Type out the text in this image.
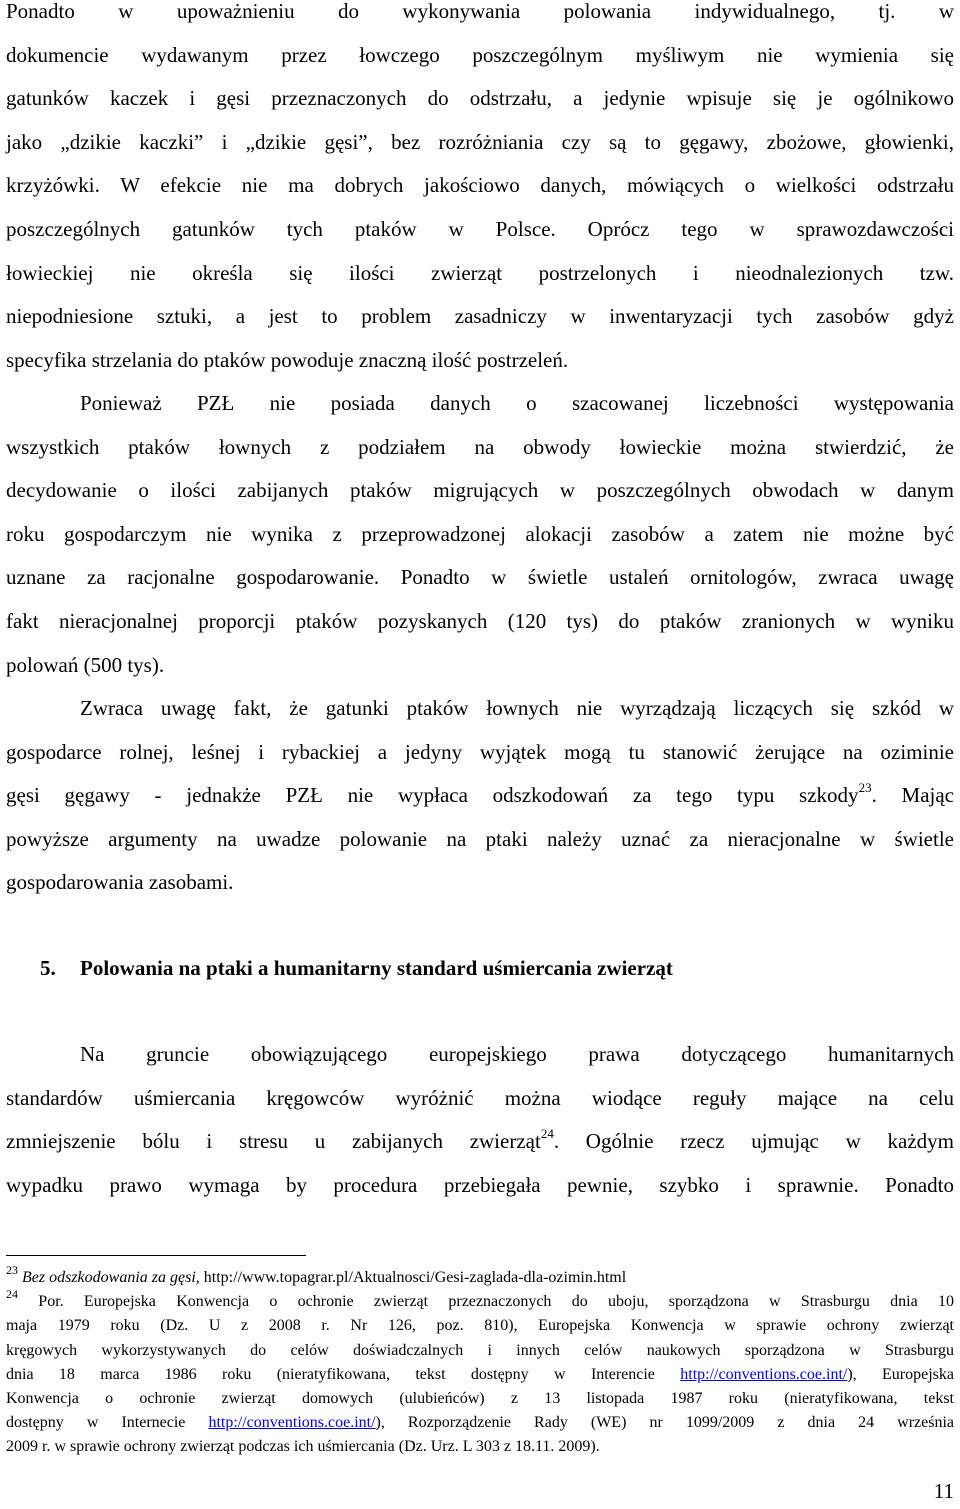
Ponadto w upoważnieniu do wykonywania polowania indywidualnego, tj. w
dokumencie wydawanym przez łowczego poszczególnym myśliwym nie wymienia się
gatunków kaczek i gęsi przeznaczonych do odstrzału, a jedynie wpisuje się je ogólnikowo
jako „dzikie kaczki” i „dzikie gęsi”, bez rozróżniania czy są to gęgawy, zbożowe, głowienki,
krzyżówki. W efekcie nie ma dobrych jakościowo danych, mówiących o wielkości odstrzału
poszczególnych gatunków tych ptaków w Polsce. Oprócz tego w sprawozdawczości
łowieckiej nie określa się ilości zwierząt postrzelonych i nieodnalezionych tzw.
niepodniesione sztuki, a jest to problem zasadniczy w inwentaryzacji tych zasobów gdyż
specyfika strzelania do ptaków powoduje znaczną ilość postrzeleń.

Ponieważ PZŁ nie posiada danych o szacowanej liczebności występowania
wszystkich ptaków łownych z podziałem na obwody łowieckie można stwierdzić, że
decydowanie o ilości zabijanych ptaków migrujących w poszczególnych obwodach w danym
roku gospodarczym nie wynika z przeprowadzonej alokacji zasobów a zatem nie możne być
uznane za racjonalne gospodarowanie. Ponadto w świetle ustaleń ornitologów, zwraca uwagę
fakt nieracjonalnej proporcji ptaków pozyskanych (120 tys) do ptaków zranionych w wyniku
polowań (500 tys).

Zwraca uwagę fakt, że gatunki ptaków łownych nie wyrządzają liczących się szkód w
gospodarce rolnej, leśnej i rybackiej a jedyny wyjątek mogą tu stanowić żerujące na oziminie
gęsi gęgawy - jednakże PZŁ nie wypłaca odszkodowań za tego typu szkody$^{23}$. Mając
powyższe argumenty na uwadze polowanie na ptaki należy uznać za nieracjonalne w świetle
gospodarowania zasobami.

5. Polowania na ptaki a humanitarny standard uśmiercania zwierząt

Na gruncie obowiązującego europejskiego prawa dotyczącego humanitarnych
standardów uśmiercania kręgowców wyróżnić można wiodące reguły mające na celu
zmniejszenie bólu i stresu u zabijanych zwierząt$^{24}$. Ogólnie rzecz ujmując w każdym
wypadku prawo wymaga by procedura przebiegała pewnie, szybko i sprawnie. Ponadto

$^{23}$ Bez odszkodowania za gęsi, http://www.topagrar.pl/Aktualnosci/Gesi-zaglada-dla-ozimin.html

$^{24}$ Por. Europejska Konwencja o ochronie zwierząt przeznaczonych do uboju, sporządzona w Strasburgu dnia 10
maja 1979 roku (Dz. U z 2008 r. Nr 126, poz. 810), Europejska Konwencja w sprawie ochrony zwierząt
kręgowych wykorzystywanych do celów doświadczalnych i innych celów naukowych sporządzona w Strasburgu
dnia 18 marca 1986 roku (nieratyfikowana, tekst dostępny w Interencie http://conventions.coe.int/), Europejska
Konwencja o ochronie zwierząt domowych (ulubieńców) z 13 listopada 1987 roku (nieratyfikowana, tekst
dostępny w Internecie http://conventions.coe.int/), Rozporządzenie Rady (WE) nr 1099/2009 z dnia 24 września
2009 r. w sprawie ochrony zwierząt podczas ich uśmiercania (Dz. Urz. L 303 z 18.11. 2009).

11
